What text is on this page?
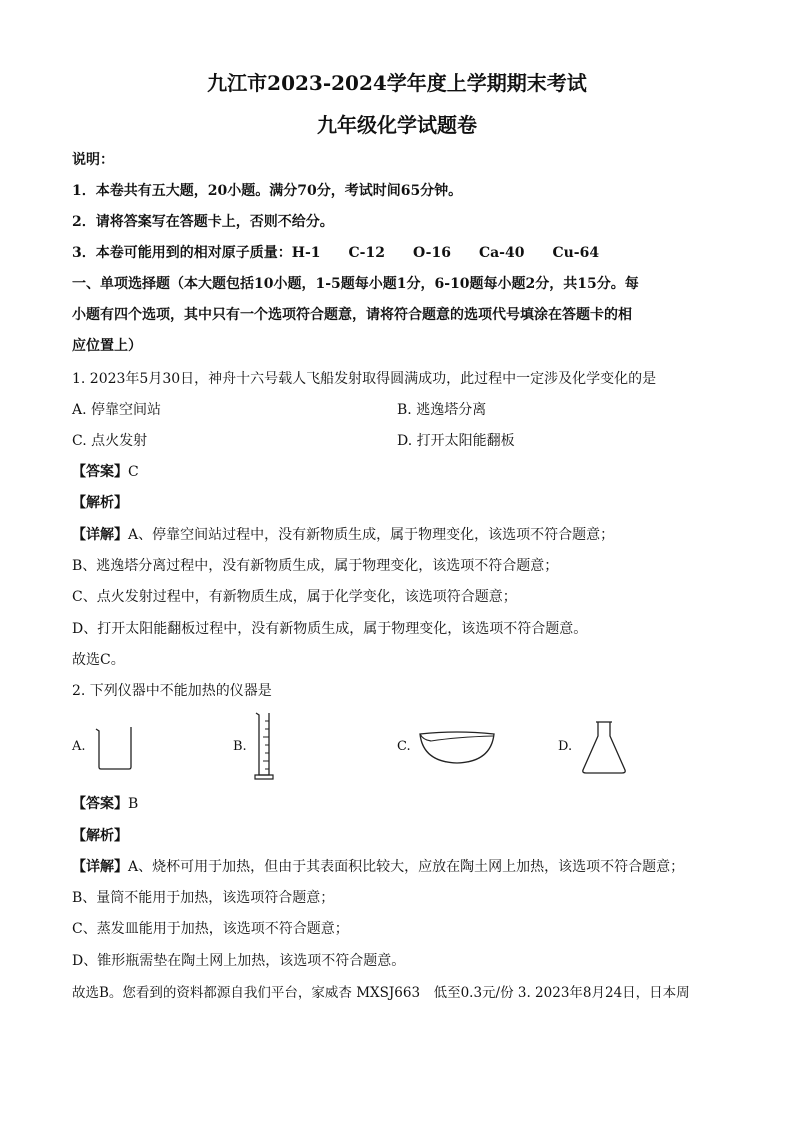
九江市2023-2024学年度上学期期末考试
九年级化学试题卷
说明：
1．本卷共有五大题，20小题。满分70分，考试时间65分钟。
2．请将答案写在答题卡上，否则不给分。
3．本卷可能用到的相对原子质量：H-1　　C-12　　O-16　　Ca-40　　Cu-64
一、单项选择题（本大题包括10小题，1-5题每小题1分，6-10题每小题2分，共15分。每
小题有四个选项，其中只有一个选项符合题意，请将符合题意的选项代号填涂在答题卡的相
应位置上）
1. 2023年5月30日，神舟十六号载人飞船发射取得圆满成功，此过程中一定涉及化学变化的是
A. 停靠空间站	B. 逃逸塔分离
C. 点火发射	D. 打开太阳能翻板
【答案】C
【解析】
【详解】A、停靠空间站过程中，没有新物质生成，属于物理变化，该选项不符合题意；
B、逃逸塔分离过程中，没有新物质生成，属于物理变化，该选项不符合题意；
C、点火发射过程中，有新物质生成，属于化学变化，该选项符合题意；
D、打开太阳能翻板过程中，没有新物质生成，属于物理变化，该选项不符合题意。
故选C。
2. 下列仪器中不能加热的仪器是
A.	B.	C.	D.
【答案】B
【解析】
【详解】A、烧杯可用于加热，但由于其表面积比较大，应放在陶土网上加热，该选项不符合题意；
B、量筒不能用于加热，该选项符合题意；
C、蒸发皿能用于加热，该选项不符合题意；
D、锥形瓶需垫在陶土网上加热，该选项不符合题意。
故选B。您看到的资料都源自我们平台，家威杏 MXSJ663　低至0.3元/份 3. 2023年8月24日，日本周
